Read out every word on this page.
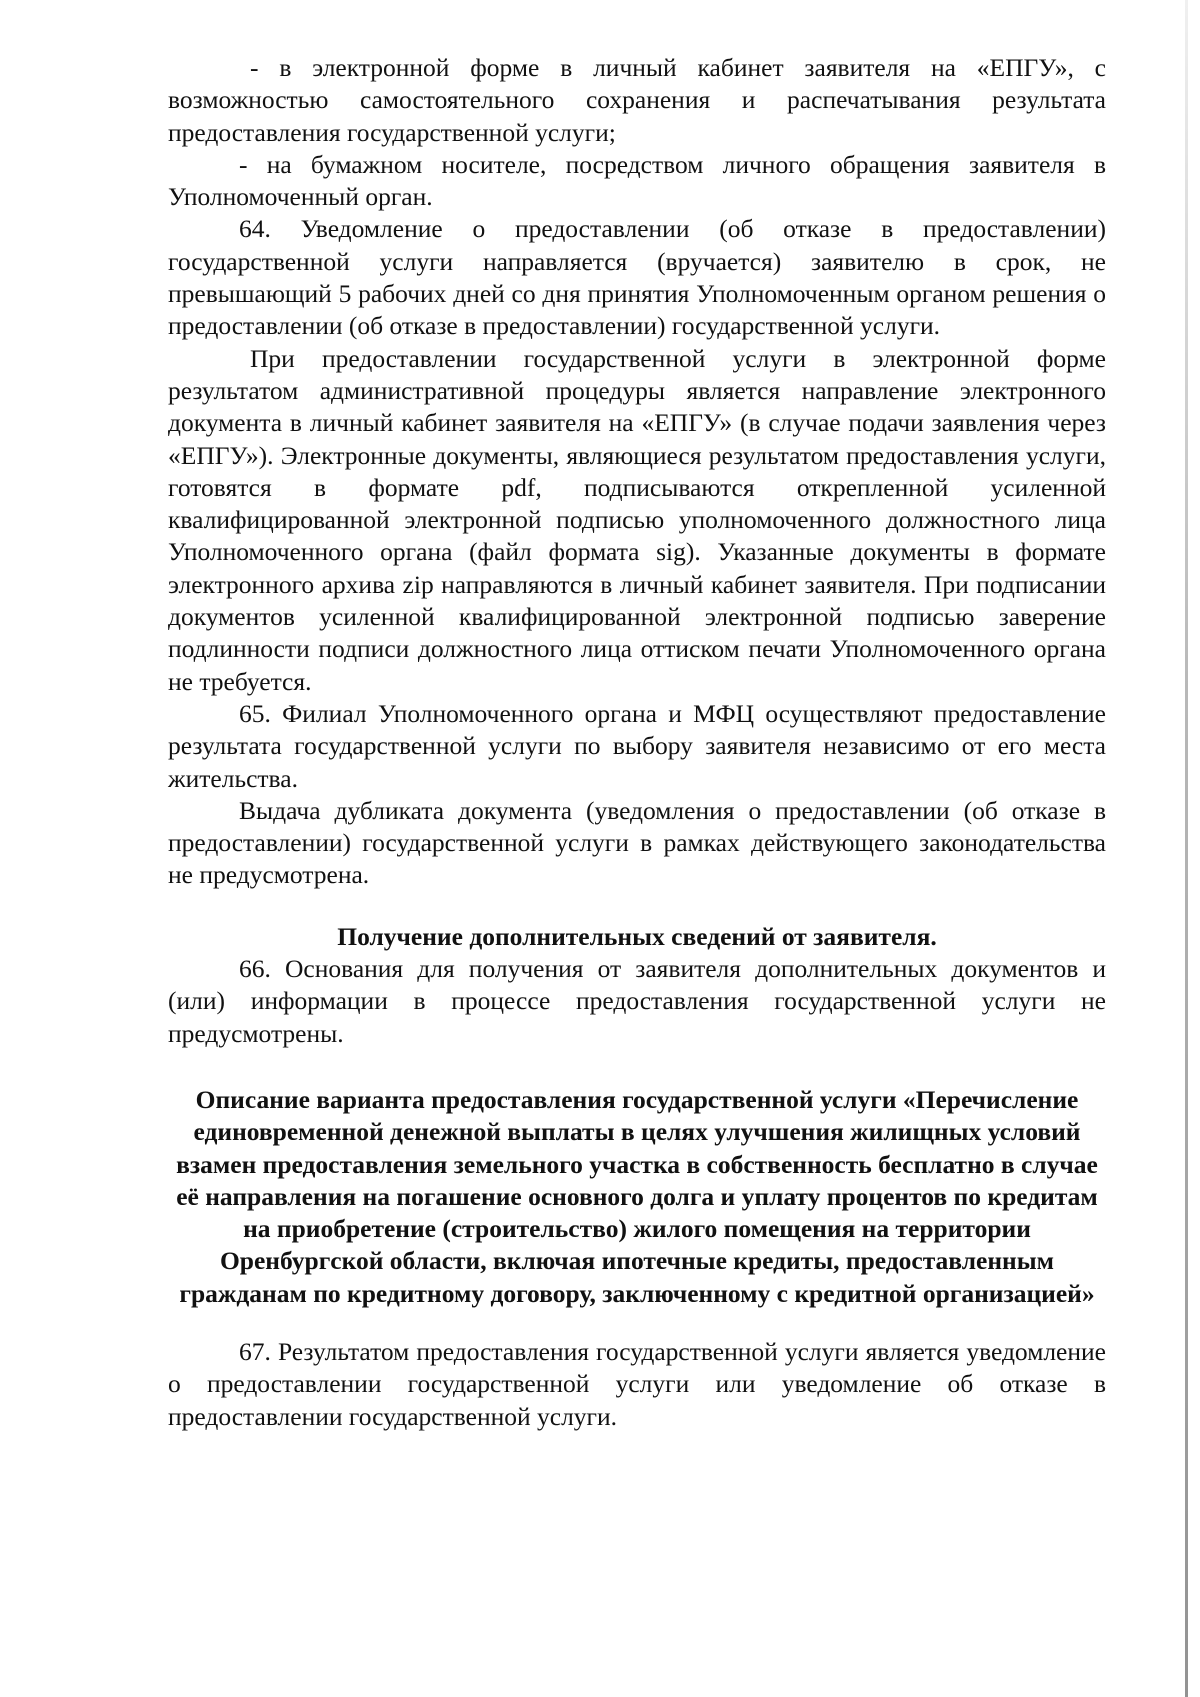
- в электронной форме в личный кабинет заявителя на «ЕПГУ», с возможностью самостоятельного сохранения и распечатывания результата предоставления государственной услуги;

- на бумажном носителе, посредством личного обращения заявителя в Уполномоченный орган.

64. Уведомление о предоставлении (об отказе в предоставлении) государственной услуги направляется (вручается) заявителю в срок, не превышающий 5 рабочих дней со дня принятия Уполномоченным органом решения о предоставлении (об отказе в предоставлении) государственной услуги.

При предоставлении государственной услуги в электронной форме результатом административной процедуры является направление электронного документа в личный кабинет заявителя на «ЕПГУ» (в случае подачи заявления через «ЕПГУ»). Электронные документы, являющиеся результатом предоставления услуги, готовятся в формате pdf, подписываются открепленной усиленной квалифицированной электронной подписью уполномоченного должностного лица Уполномоченного органа (файл формата sig). Указанные документы в формате электронного архива zip направляются в личный кабинет заявителя. При подписании документов усиленной квалифицированной электронной подписью заверение подлинности подписи должностного лица оттиском печати Уполномоченного органа не требуется.

65. Филиал Уполномоченного органа и МФЦ осуществляют предоставление результата государственной услуги по выбору заявителя независимо от его места жительства.

Выдача дубликата документа (уведомления о предоставлении (об отказе в предоставлении) государственной услуги в рамках действующего законодательства не предусмотрена.

Получение дополнительных сведений от заявителя.

66. Основания для получения от заявителя дополнительных документов и (или) информации в процессе предоставления государственной услуги не предусмотрены.

Описание варианта предоставления государственной услуги «Перечисление единовременной денежной выплаты в целях улучшения жилищных условий взамен предоставления земельного участка в собственность бесплатно в случае её направления на погашение основного долга и уплату процентов по кредитам на приобретение (строительство) жилого помещения на территории Оренбургской области, включая ипотечные кредиты, предоставленным гражданам по кредитному договору, заключенному с кредитной организацией»

67. Результатом предоставления государственной услуги является уведомление о предоставлении государственной услуги или уведомление об отказе в предоставлении государственной услуги.
